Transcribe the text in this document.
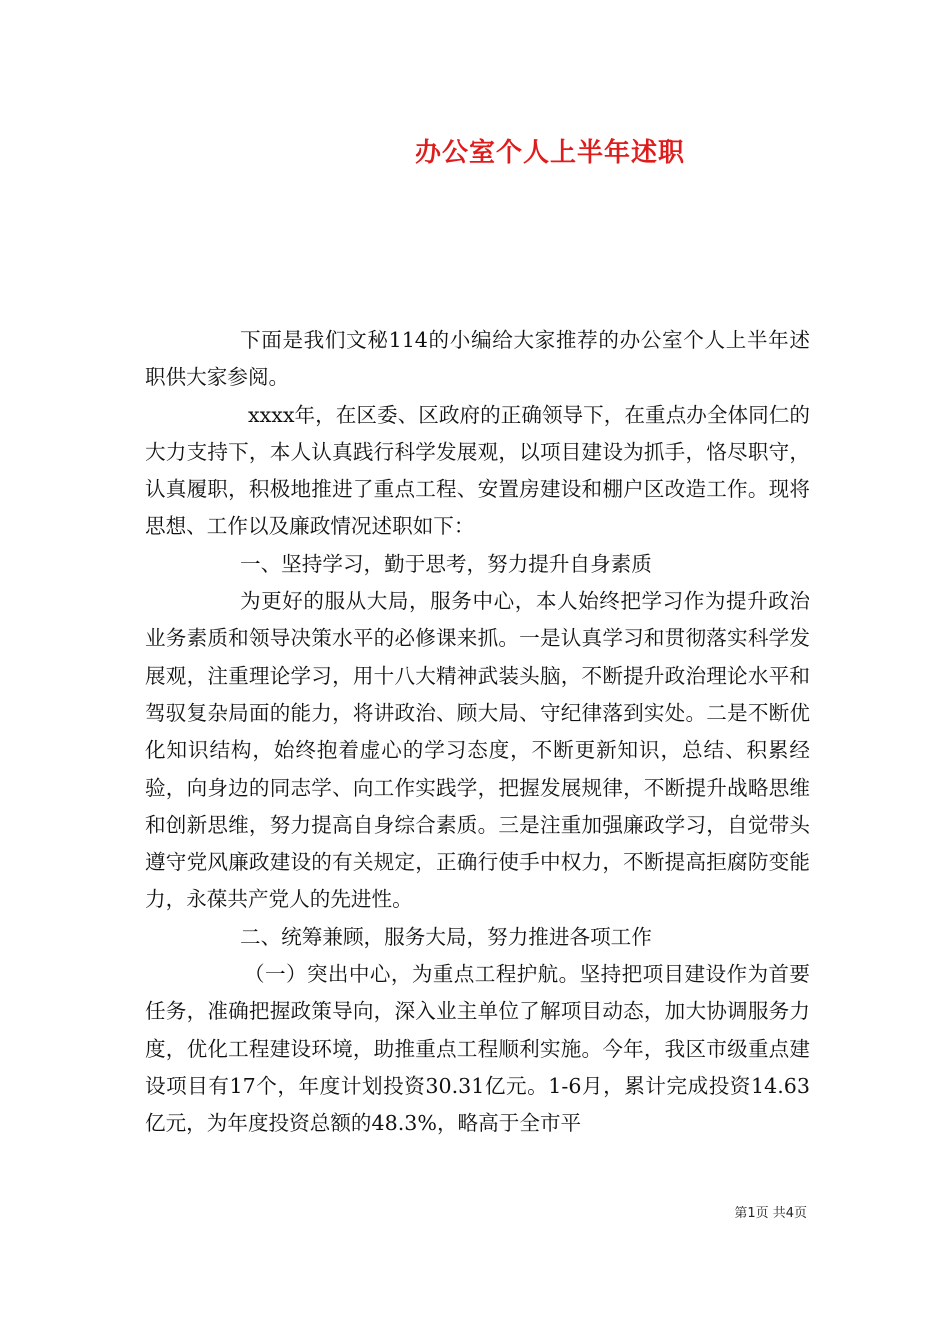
办公室个人上半年述职

下面是我们文秘114的小编给大家推荐的办公室个人上半年述职供大家参阅。

xxxx年，在区委、区政府的正确领导下，在重点办全体同仁的大力支持下，本人认真践行科学发展观，以项目建设为抓手，恪尽职守，认真履职，积极地推进了重点工程、安置房建设和棚户区改造工作。现将思想、工作以及廉政情况述职如下：

一、坚持学习，勤于思考，努力提升自身素质

为更好的服从大局，服务中心，本人始终把学习作为提升政治业务素质和领导决策水平的必修课来抓。一是认真学习和贯彻落实科学发展观，注重理论学习，用十八大精神武装头脑，不断提升政治理论水平和驾驭复杂局面的能力，将讲政治、顾大局、守纪律落到实处。二是不断优化知识结构，始终抱着虚心的学习态度，不断更新知识，总结、积累经验，向身边的同志学、向工作实践学，把握发展规律，不断提升战略思维和创新思维，努力提高自身综合素质。三是注重加强廉政学习，自觉带头遵守党风廉政建设的有关规定，正确行使手中权力，不断提高拒腐防变能力，永葆共产党人的先进性。

二、统筹兼顾，服务大局，努力推进各项工作

（一）突出中心，为重点工程护航。坚持把项目建设作为首要任务，准确把握政策导向，深入业主单位了解项目动态，加大协调服务力度，优化工程建设环境，助推重点工程顺利实施。今年，我区市级重点建设项目有17个，年度计划投资30.31亿元。1-6月，累计完成投资14.63亿元，为年度投资总额的48.3%，略高于全市平

第1页 共4页
